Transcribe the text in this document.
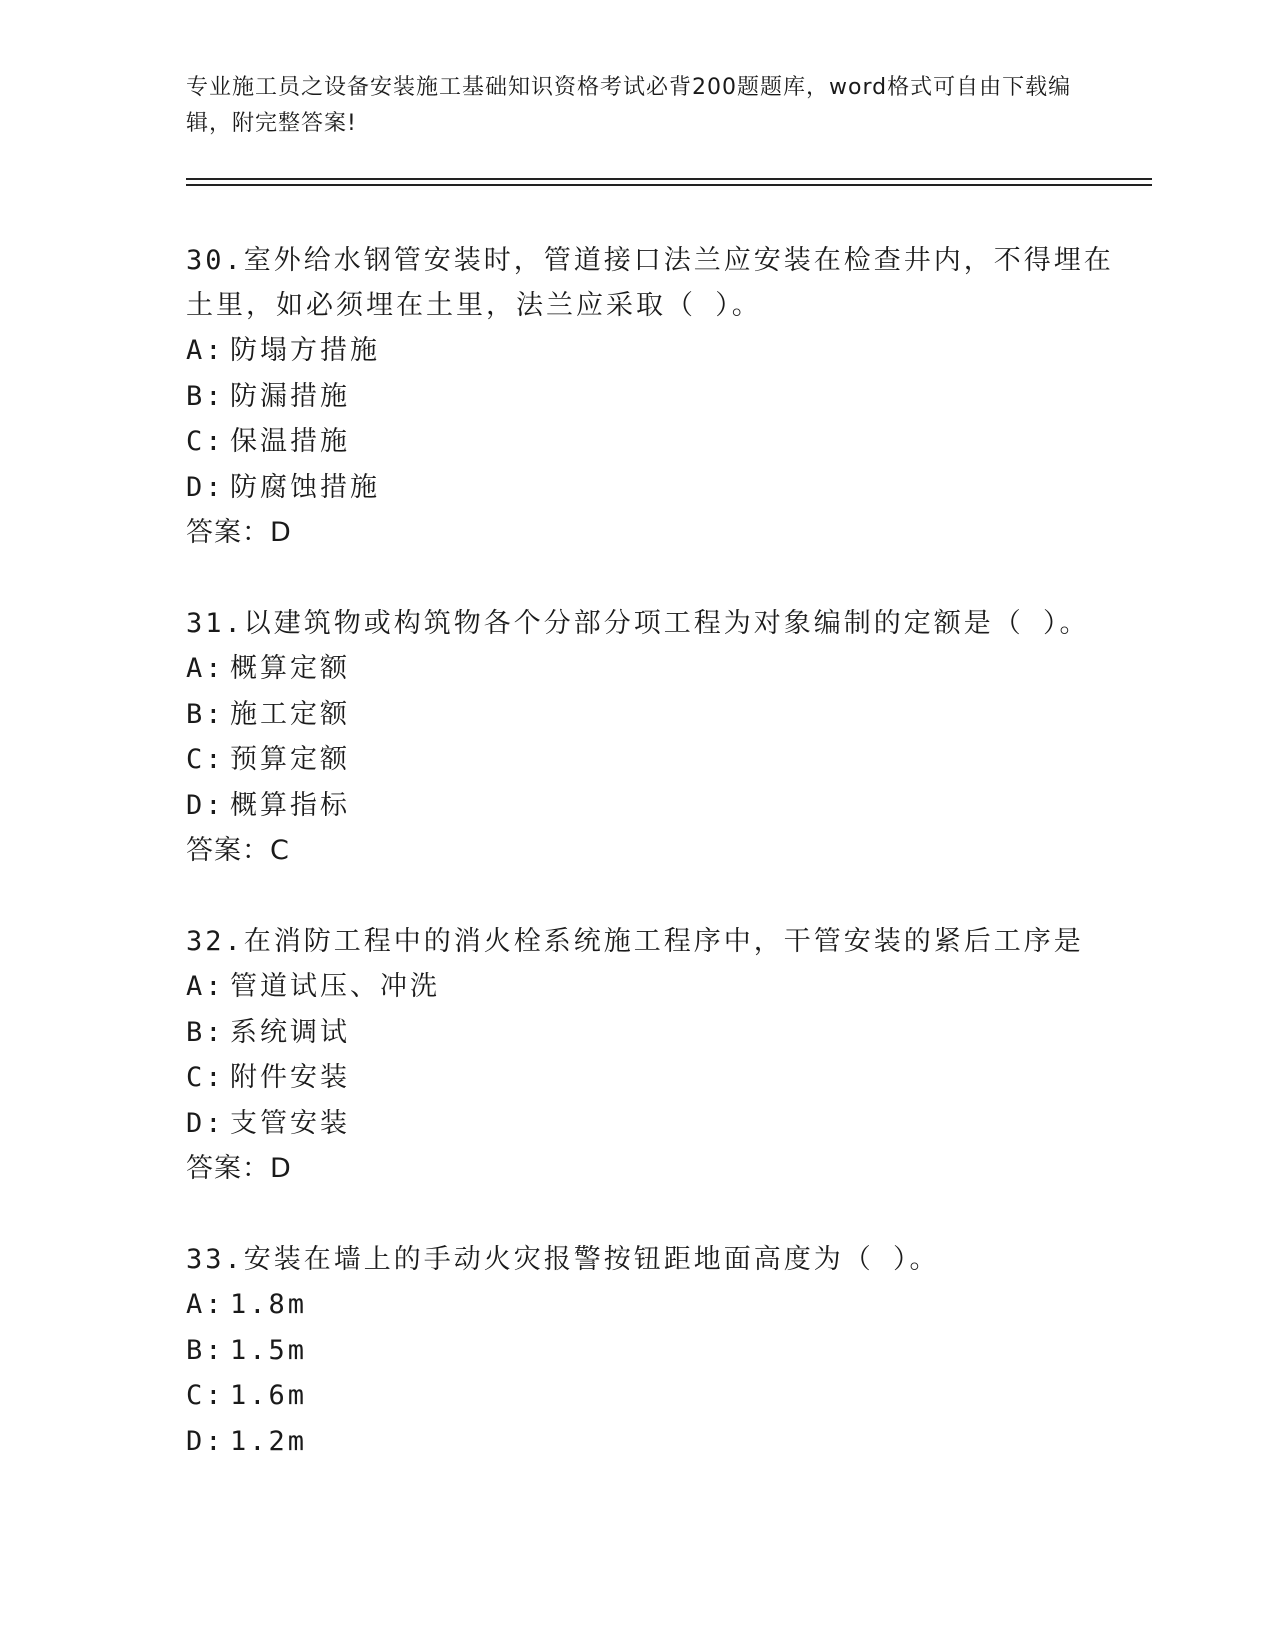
专业施工员之设备安装施工基础知识资格考试必背200题题库，word格式可自由下载编辑，附完整答案!

30.室外给水钢管安装时，管道接口法兰应安装在检查井内，不得埋在土里，如必须埋在土里，法兰应采取（ ）。

A: 防塌方措施
B: 防漏措施
C: 保温措施
D: 防腐蚀措施
答案：D

31.以建筑物或构筑物各个分部分项工程为对象编制的定额是（ ）。

A: 概算定额
B: 施工定额
C: 预算定额
D: 概算指标
答案：C

32.在消防工程中的消火栓系统施工程序中，干管安装的紧后工序是

A: 管道试压、冲洗
B: 系统调试
C: 附件安装
D: 支管安装
答案：D

33.安装在墙上的手动火灾报警按钮距地面高度为（ ）。

A: 1.8m
B: 1.5m
C: 1.6m
D: 1.2m
